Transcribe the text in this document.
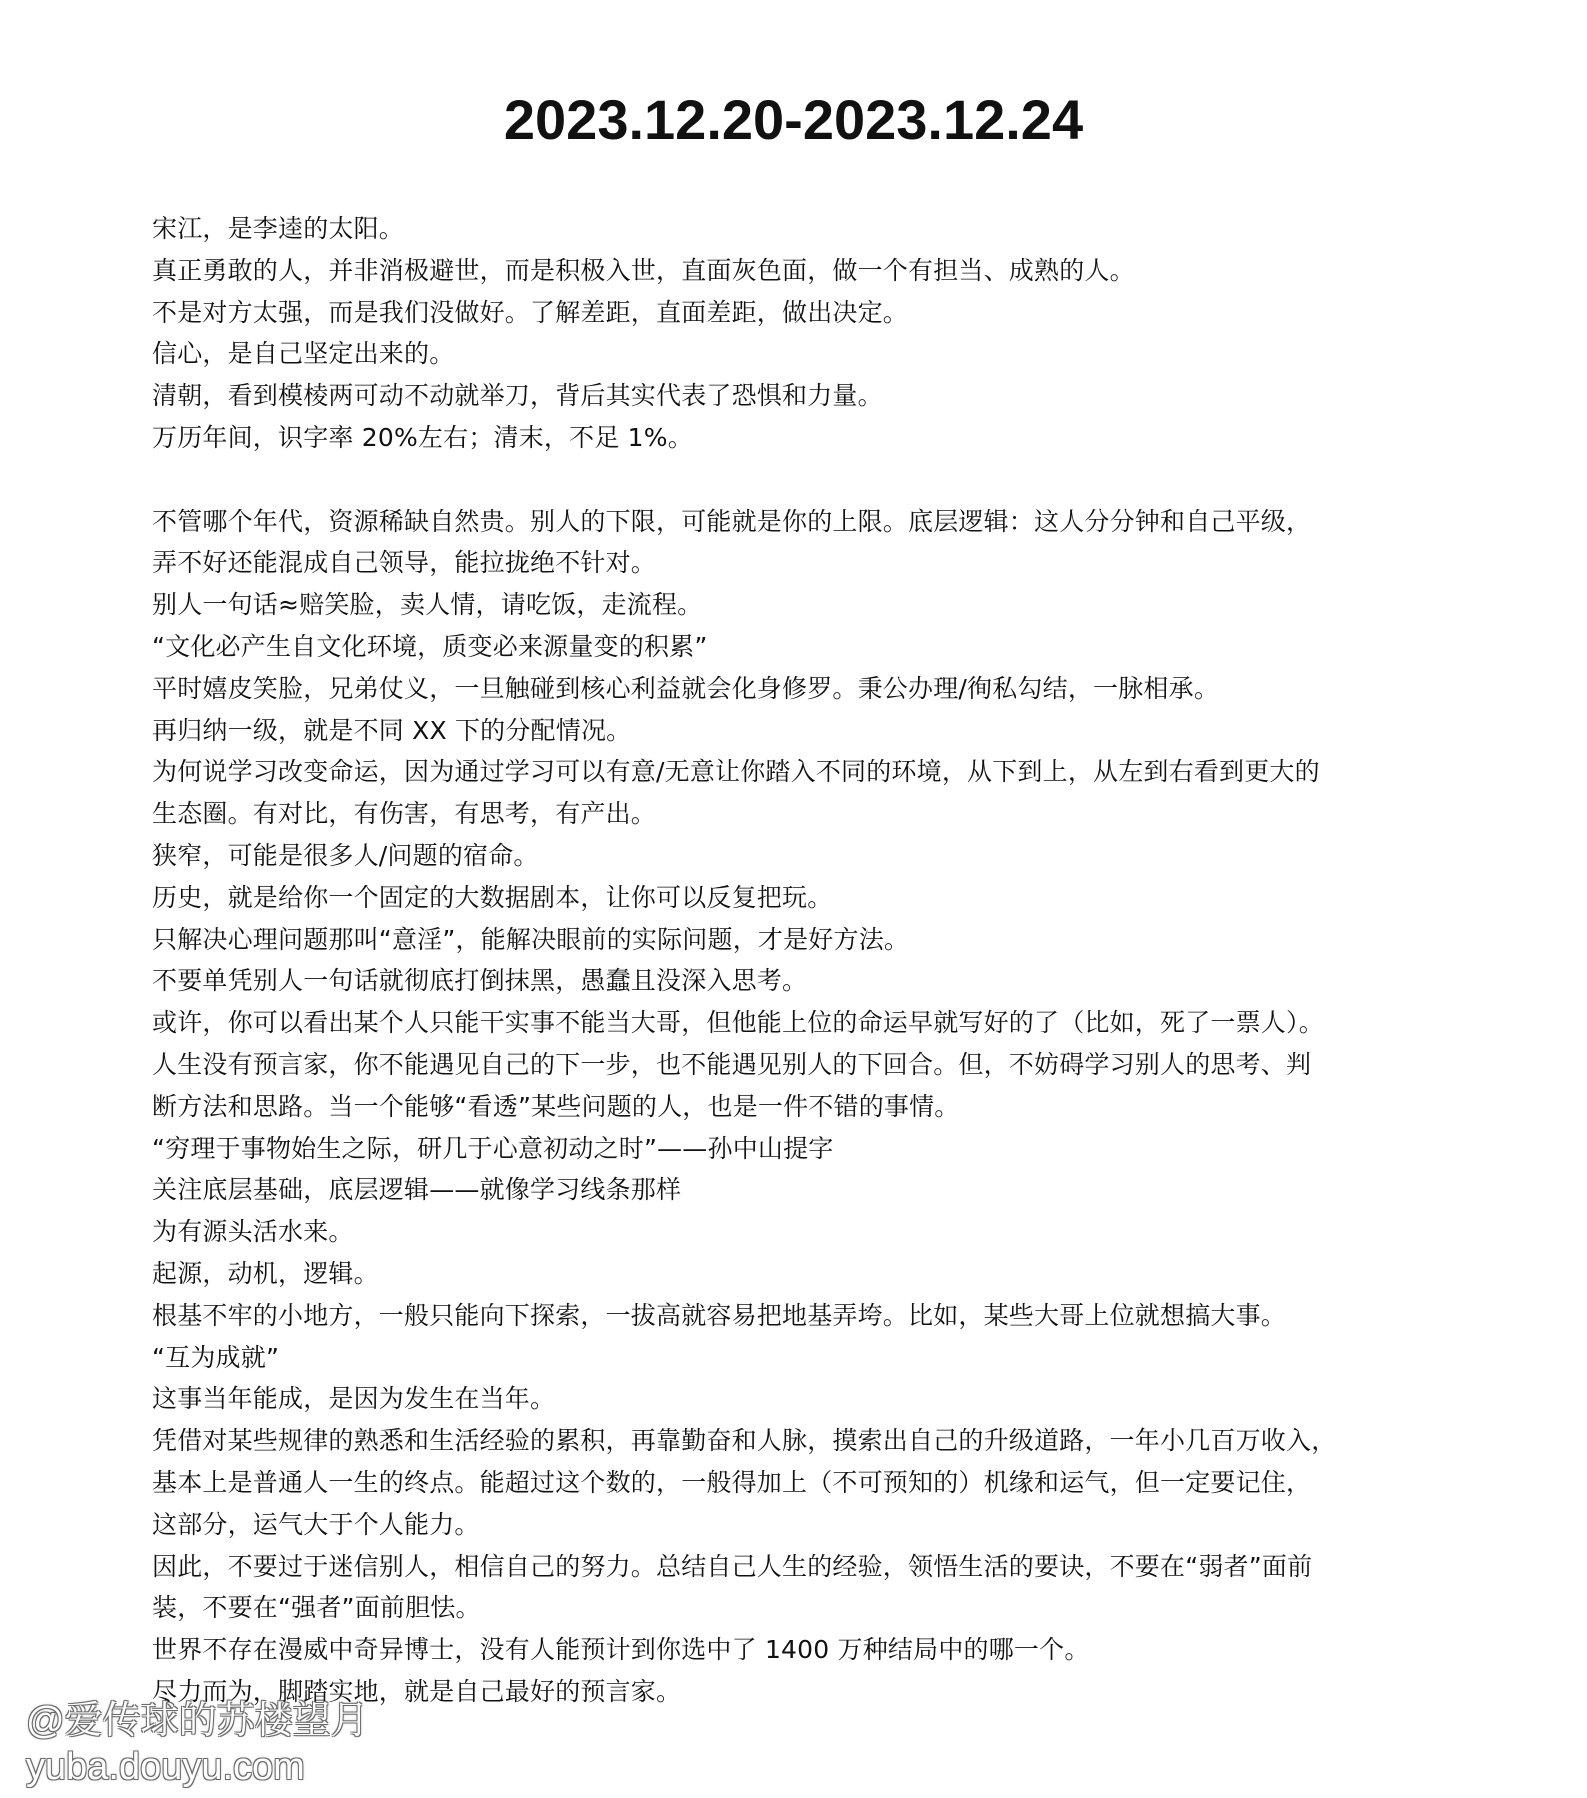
2023.12.20-2023.12.24

宋江，是李逵的太阳。

真正勇敢的人，并非消极避世，而是积极入世，直面灰色面，做一个有担当、成熟的人。

不是对方太强，而是我们没做好。了解差距，直面差距，做出决定。

信心，是自己坚定出来的。

清朝，看到模棱两可动不动就举刀，背后其实代表了恐惧和力量。

万历年间，识字率 20%左右；清末，不足 1%。

不管哪个年代，资源稀缺自然贵。别人的下限，可能就是你的上限。底层逻辑：这人分分钟和自己平级，

弄不好还能混成自己领导，能拉拢绝不针对。

别人一句话≈赔笑脸，卖人情，请吃饭，走流程。

“文化必产生自文化环境，质变必来源量变的积累”

平时嬉皮笑脸，兄弟仗义，一旦触碰到核心利益就会化身修罗。秉公办理/徇私勾结，一脉相承。

再归纳一级，就是不同 XX 下的分配情况。

为何说学习改变命运，因为通过学习可以有意/无意让你踏入不同的环境，从下到上，从左到右看到更大的

生态圈。有对比，有伤害，有思考，有产出。

狭窄，可能是很多人/问题的宿命。

历史，就是给你一个固定的大数据剧本，让你可以反复把玩。

只解决心理问题那叫“意淫”，能解决眼前的实际问题，才是好方法。

不要单凭别人一句话就彻底打倒抹黑，愚蠢且没深入思考。

或许，你可以看出某个人只能干实事不能当大哥，但他能上位的命运早就写好的了（比如，死了一票人）。

人生没有预言家，你不能遇见自己的下一步，也不能遇见别人的下回合。但，不妨碍学习别人的思考、判

断方法和思路。当一个能够“看透”某些问题的人，也是一件不错的事情。

“穷理于事物始生之际，研几于心意初动之时”——孙中山提字

关注底层基础，底层逻辑——就像学习线条那样

为有源头活水来。

起源，动机，逻辑。

根基不牢的小地方，一般只能向下探索，一拔高就容易把地基弄垮。比如，某些大哥上位就想搞大事。

“互为成就”

这事当年能成，是因为发生在当年。

凭借对某些规律的熟悉和生活经验的累积，再靠勤奋和人脉，摸索出自己的升级道路，一年小几百万收入，

基本上是普通人一生的终点。能超过这个数的，一般得加上（不可预知的）机缘和运气，但一定要记住，

这部分，运气大于个人能力。

因此，不要过于迷信别人，相信自己的努力。总结自己人生的经验，领悟生活的要诀，不要在“弱者”面前

装，不要在“强者”面前胆怯。

世界不存在漫威中奇异博士，没有人能预计到你选中了 1400 万种结局中的哪一个。

尽力而为，脚踏实地，就是自己最好的预言家。

@爱传球的苏楼望月
yuba.douyu.com
